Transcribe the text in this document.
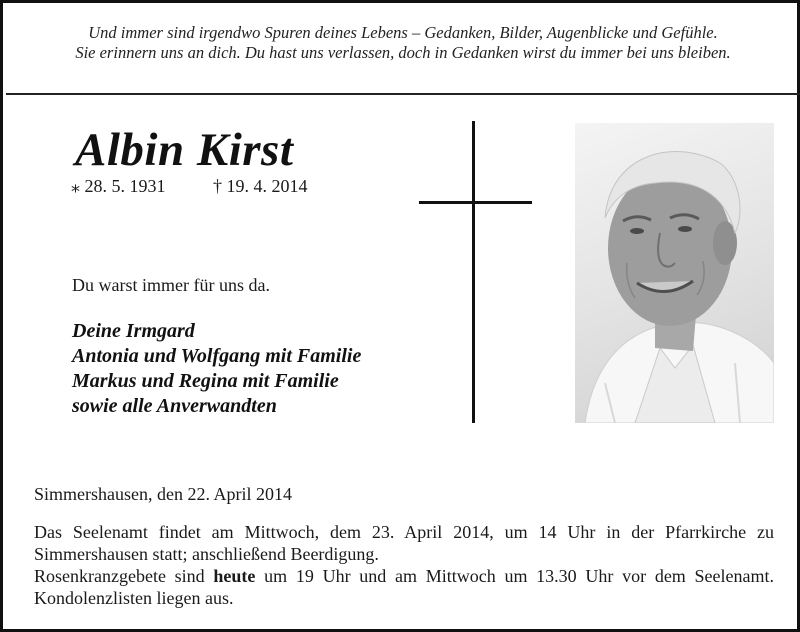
Und immer sind irgendwo Spuren deines Lebens – Gedanken, Bilder, Augenblicke und Gefühle.
Sie erinnern uns an dich. Du hast uns verlassen, doch in Gedanken wirst du immer bei uns bleiben.
Albin Kirst
⁎ 28. 5. 1931	† 19. 4. 2014
Du warst immer für uns da.
Deine Irmgard
Antonia und Wolfgang mit Familie
Markus und Regina mit Familie
sowie alle Anverwandten
Simmershausen, den 22. April 2014

Das Seelenamt findet am Mittwoch, dem 23. April 2014, um 14 Uhr in der Pfarrkirche zu Simmershausen statt; anschließend Beerdigung.

Rosenkranzgebete sind heute um 19 Uhr und am Mittwoch um 13.30 Uhr vor dem Seelenamt. Kondolenzlisten liegen aus.
